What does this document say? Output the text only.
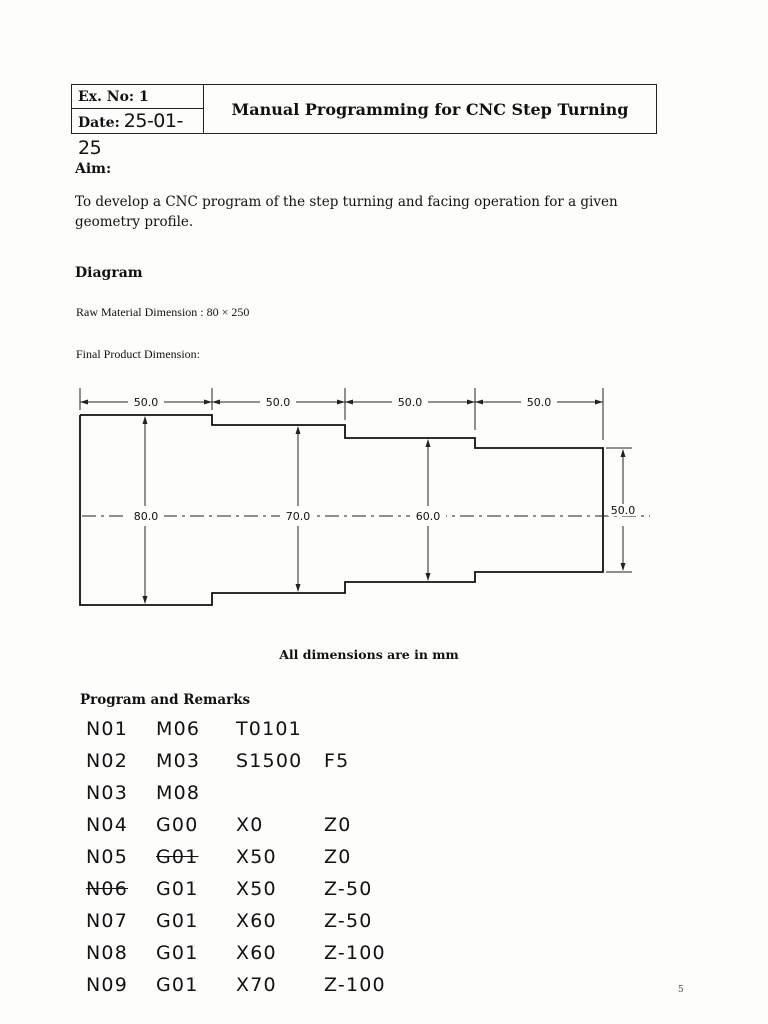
Ex. No: 1
Date: 25-01-25
Manual Programming for CNC Step Turning
Aim:
To develop a CNC program of the step turning and facing operation for a given geometry profile.
Diagram
Raw Material Dimension : 80 × 250
Final Product Dimension:
50.0	50.0	50.0	50.0
80.0	70.0	60.0	50.0
All dimensions are in mm
Program and Remarks
N01 M06 T0101
N02 M03 S1500 F5
N03 M08
N04 G00 X0	Z0
N05 G01 X50 Z0
N06 G01 X50 Z-50
N07 G01 X60 Z-50
N08 G01 X60 Z-100
N09 G01 X70 Z-100	5
